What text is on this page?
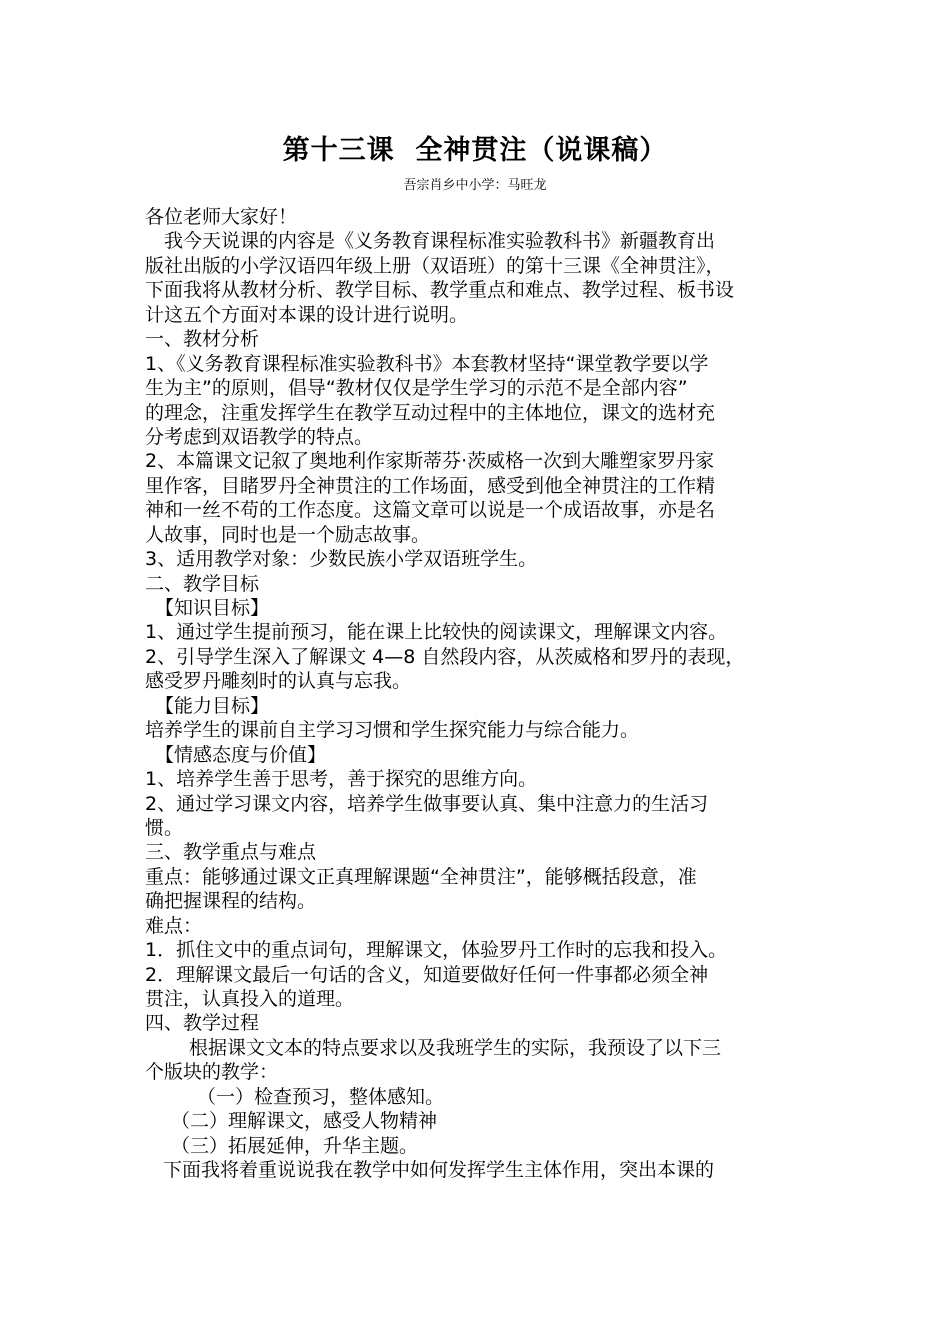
第十三课  全神贯注（说课稿）
吾宗肖乡中小学：马旺龙
各位老师大家好！
我今天说课的内容是《义务教育课程标准实验教科书》新疆教育出
版社出版的小学汉语四年级上册（双语班）的第十三课《全神贯注》，
下面我将从教材分析、教学目标、教学重点和难点、教学过程、板书设
计这五个方面对本课的设计进行说明。
一、教材分析
1、《义务教育课程标准实验教科书》本套教材坚持“课堂教学要以学
生为主”的原则，倡导“教材仅仅是学生学习的示范不是全部内容”
的理念，注重发挥学生在教学互动过程中的主体地位，课文的选材充
分考虑到双语教学的特点。
2、本篇课文记叙了奥地利作家斯蒂芬·茨威格一次到大雕塑家罗丹家
里作客，目睹罗丹全神贯注的工作场面，感受到他全神贯注的工作精
神和一丝不苟的工作态度。这篇文章可以说是一个成语故事，亦是名
人故事，同时也是一个励志故事。
3、适用教学对象：少数民族小学双语班学生。
二、教学目标
【知识目标】
1、通过学生提前预习，能在课上比较快的阅读课文，理解课文内容。
2、引导学生深入了解课文 4—8 自然段内容，从茨威格和罗丹的表现，
感受罗丹雕刻时的认真与忘我。
【能力目标】
培养学生的课前自主学习习惯和学生探究能力与综合能力。
【情感态度与价值】
1、培养学生善于思考，善于探究的思维方向。
2、通过学习课文内容，培养学生做事要认真、集中注意力的生活习
惯。
三、教学重点与难点
重点：能够通过课文正真理解课题“全神贯注”，能够概括段意，准
确把握课程的结构。
难点：
1．抓住文中的重点词句，理解课文，体验罗丹工作时的忘我和投入。
2．理解课文最后一句话的含义，知道要做好任何一件事都必须全神
贯注，认真投入的道理。
四、教学过程
根据课文文本的特点要求以及我班学生的实际，我预设了以下三
个版块的教学：
（一）检查预习，整体感知。
（二）理解课文，感受人物精神
（三）拓展延伸，升华主题。
下面我将着重说说我在教学中如何发挥学生主体作用，突出本课的
